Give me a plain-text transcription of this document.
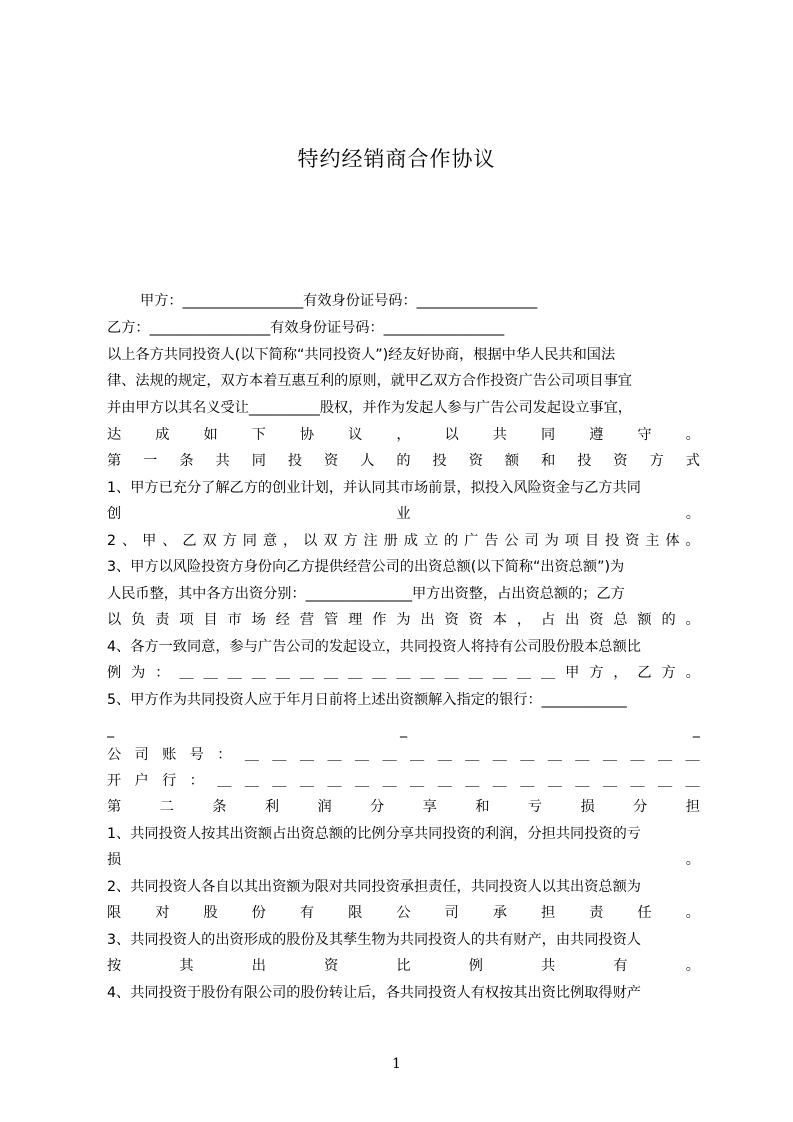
特约经销商合作协议
甲方：_________________有效身份证号码：_________________
乙方：_________________有效身份证号码：_________________
以上各方共同投资人(以下简称“共同投资人”)经友好协商，根据中华人民共和国法
律、法规的规定，双方本着互惠互利的原则，就甲乙双方合作投资广告公司项目事宜
并由甲方以其名义受让__________股权，并作为发起人参与广告公司发起设立事宜，
达 成 如 下 协 议 ， 以 共 同 遵 守 。
第 一 条 共 同 投 资 人 的 投 资 额 和 投 资 方 式
1、甲方已充分了解乙方的创业计划，并认同其市场前景，拟投入风险资金与乙方共同
创	业	。
2 、 甲 、 乙 双 方 同 意 ， 以 双 方 注 册 成 立 的 广 告 公 司 为 项 目 投 资 主 体 。
3、甲方以风险投资方身份向乙方提供经营公司的出资总额(以下简称“出资总额”)为
人民币整，其中各方出资分别：_______________甲方出资整，占出资总额的；乙方
以 负 责 项 目 市 场 经 营 管 理 作 为 出 资 资 本 ， 占 出 资 总 额 的 。
4、各方一致同意，参与广告公司的发起设立，共同投资人将持有公司股份股本总额比
例 为 ： ＿ ＿ ＿ ＿ ＿ ＿ ＿ ＿ ＿ ＿ ＿ ＿ ＿ ＿ ＿ ＿ 甲 方 ， 乙 方 。
5、甲方作为共同投资人应于年月日前将上述出资额解入指定的银行：____________
_	_	_
公 司 账 号 ： ＿ ＿ ＿ ＿ ＿ ＿ ＿ ＿ ＿ ＿ ＿ ＿ ＿ ＿ ＿ ＿ ＿
开 户 行 ： ＿ ＿ ＿ ＿ ＿ ＿ ＿ ＿ ＿ ＿ ＿ ＿ ＿ ＿ ＿ ＿ ＿ ＿
第	二	条	利	润	分	享	和	亏	损	分	担
1、共同投资人按其出资额占出资总额的比例分享共同投资的利润，分担共同投资的亏
损	。
2、共同投资人各自以其出资额为限对共同投资承担责任，共同投资人以其出资总额为
限 对 股 份 有 限 公 司 承 担 责 任 。
3、共同投资人的出资形成的股份及其孳生物为共同投资人的共有财产，由共同投资人
按	其	出	资	比	例	共	有	。
4、共同投资于股份有限公司的股份转让后，各共同投资人有权按其出资比例取得财产
1
